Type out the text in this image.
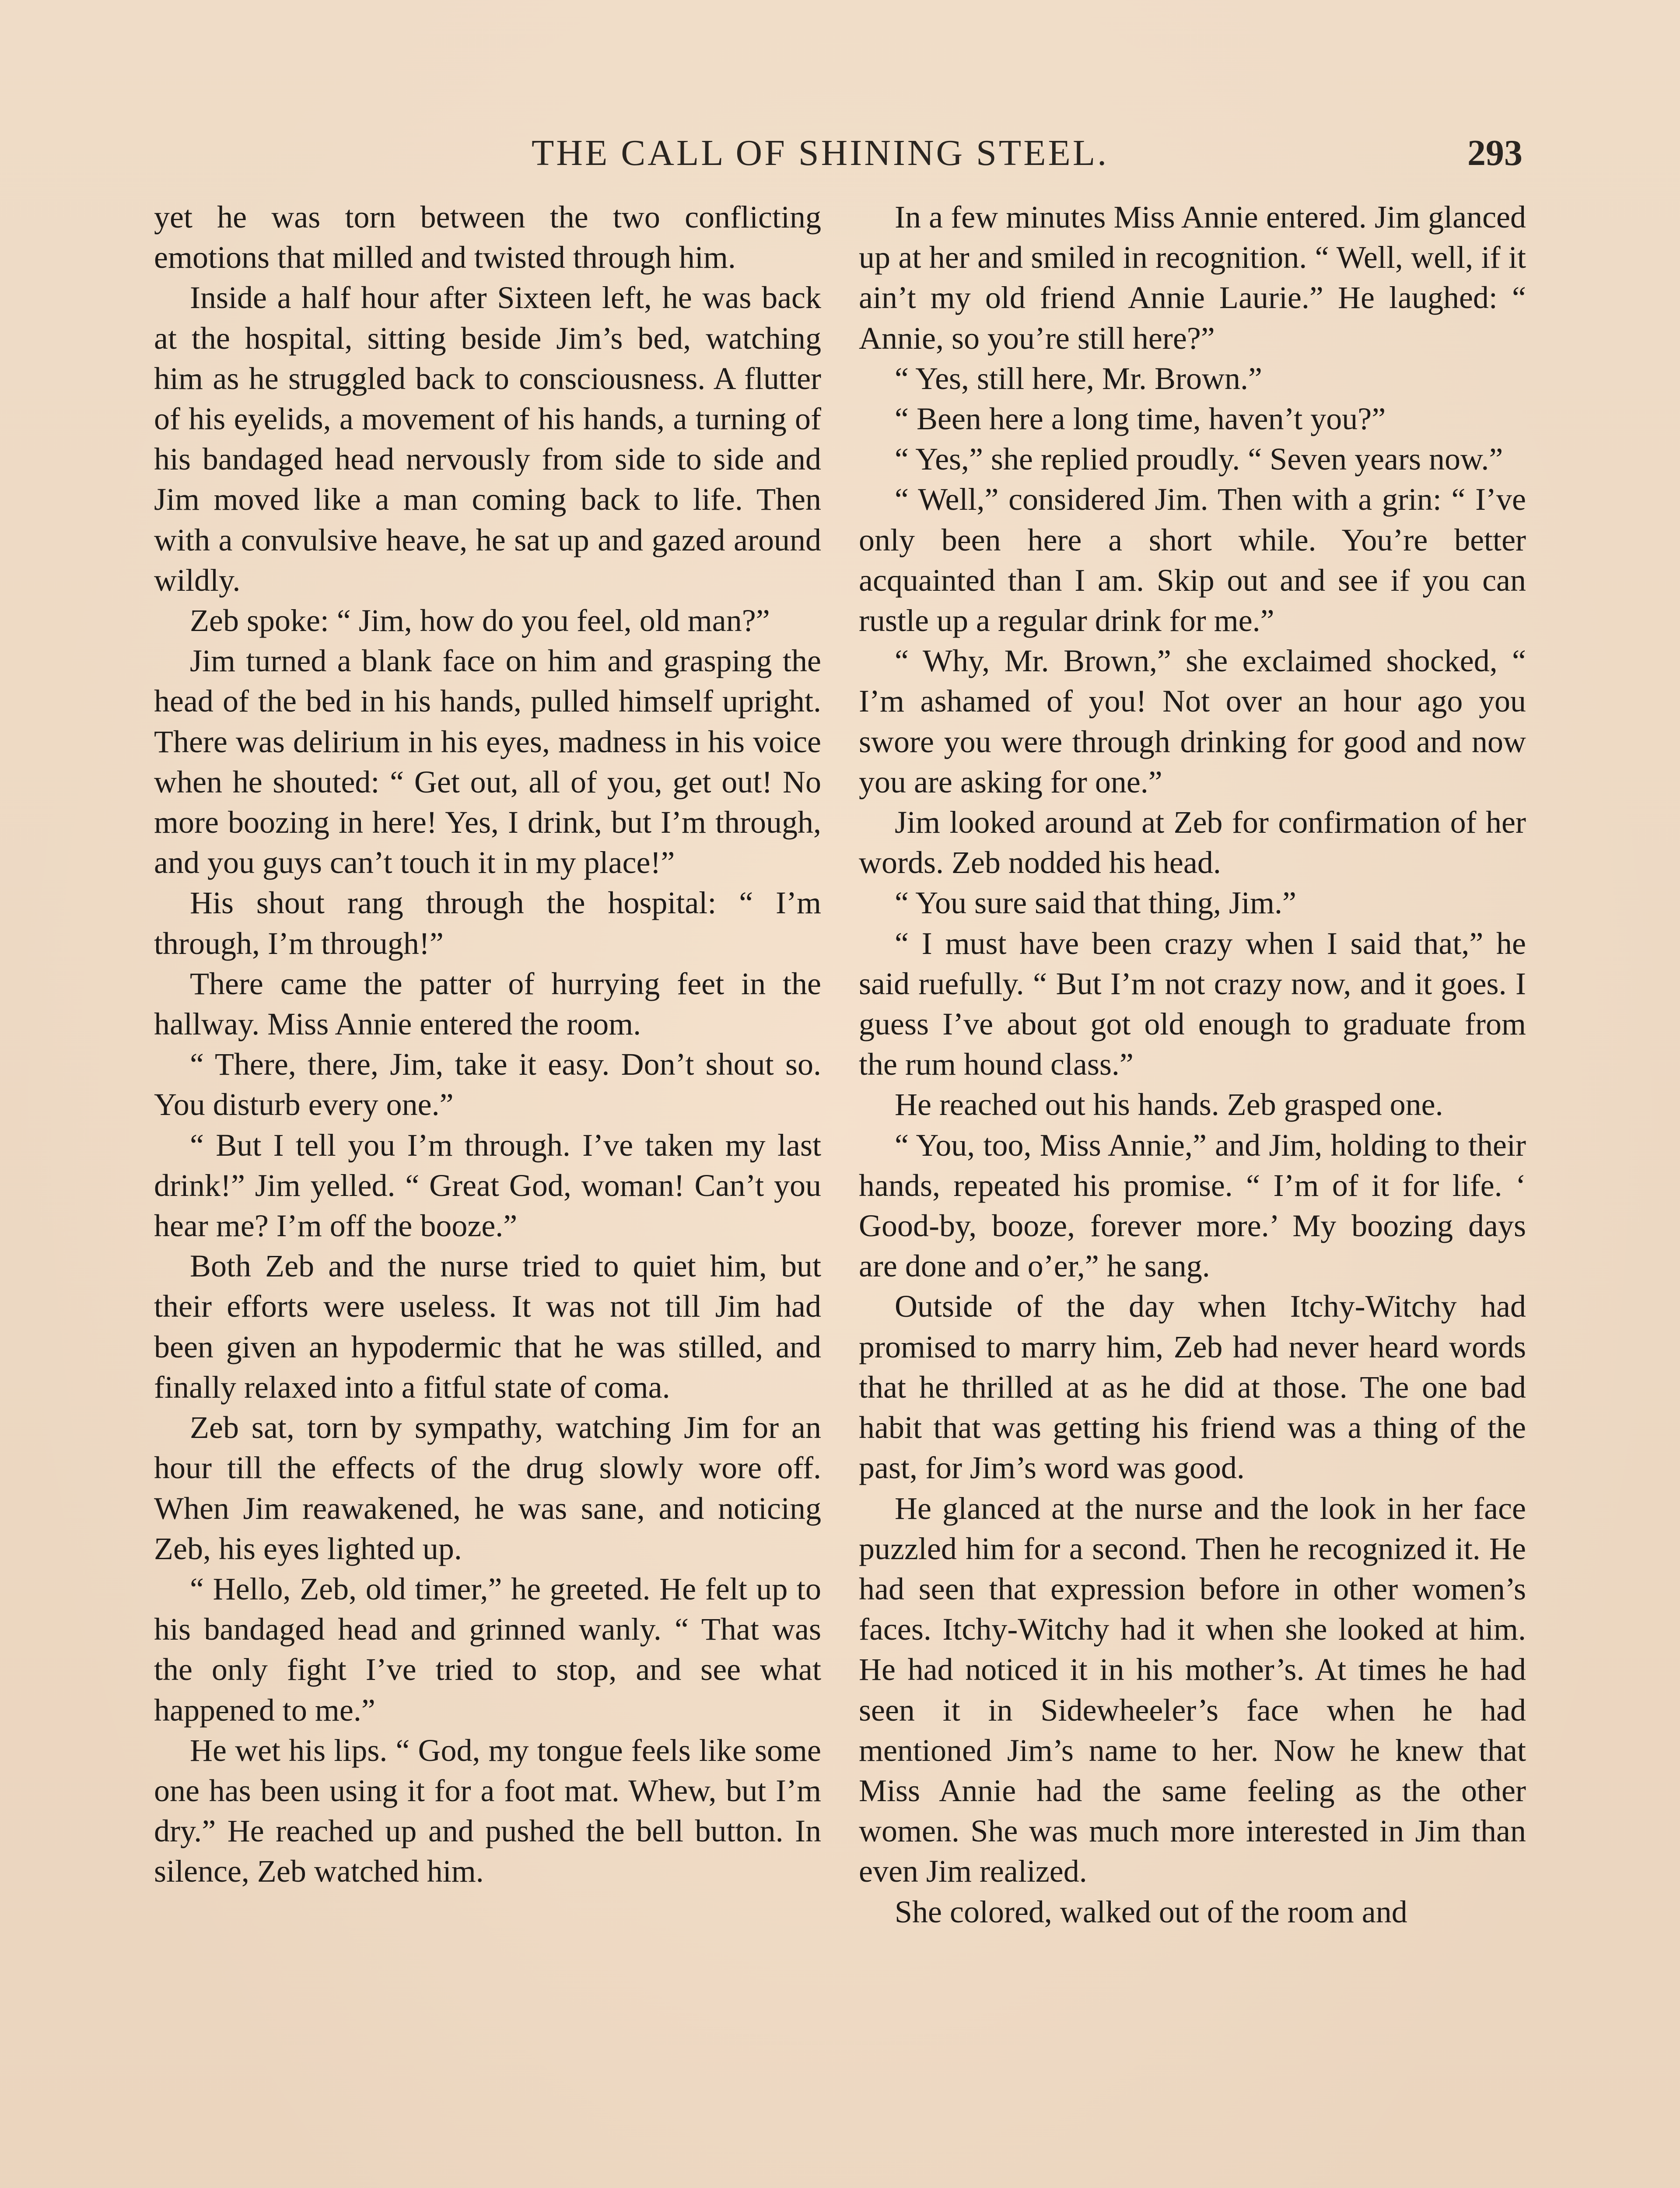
THE CALL OF SHINING STEEL.	293

yet he was torn between the two conflicting emotions that milled and twisted through him.

Inside a half hour after Sixteen left, he was back at the hospital, sitting beside Jim’s bed, watching him as he struggled back to consciousness. A flutter of his eyelids, a movement of his hands, a turning of his bandaged head nervously from side to side and Jim moved like a man coming back to life. Then with a convulsive heave, he sat up and gazed around wildly.

Zeb spoke: “ Jim, how do you feel, old man?”

Jim turned a blank face on him and grasping the head of the bed in his hands, pulled himself upright. There was delirium in his eyes, madness in his voice when he shouted: “ Get out, all of you, get out! No more boozing in here! Yes, I drink, but I’m through, and you guys can’t touch it in my place!”

His shout rang through the hospital: “ I’m through, I’m through!”

There came the patter of hurrying feet in the hallway. Miss Annie entered the room.

“ There, there, Jim, take it easy. Don’t shout so. You disturb every one.”

“ But I tell you I’m through. I’ve taken my last drink!” Jim yelled. “ Great God, woman! Can’t you hear me? I’m off the booze.”

Both Zeb and the nurse tried to quiet him, but their efforts were useless. It was not till Jim had been given an hypodermic that he was stilled, and finally relaxed into a fitful state of coma.

Zeb sat, torn by sympathy, watching Jim for an hour till the effects of the drug slowly wore off. When Jim reawakened, he was sane, and noticing Zeb, his eyes lighted up.

“ Hello, Zeb, old timer,” he greeted. He felt up to his bandaged head and grinned wanly. “ That was the only fight I’ve tried to stop, and see what happened to me.”

He wet his lips. “ God, my tongue feels like some one has been using it for a foot mat. Whew, but I’m dry.” He reached up and pushed the bell button. In silence, Zeb watched him.

In a few minutes Miss Annie entered. Jim glanced up at her and smiled in recognition. “ Well, well, if it ain’t my old friend Annie Laurie.” He laughed: “ Annie, so you’re still here?”

“ Yes, still here, Mr. Brown.”

“ Been here a long time, haven’t you?”

“ Yes,” she replied proudly. “ Seven years now.”

“ Well,” considered Jim. Then with a grin: “ I’ve only been here a short while. You’re better acquainted than I am. Skip out and see if you can rustle up a regular drink for me.”

“ Why, Mr. Brown,” she exclaimed shocked, “ I’m ashamed of you! Not over an hour ago you swore you were through drinking for good and now you are asking for one.”

Jim looked around at Zeb for confirmation of her words. Zeb nodded his head.

“ You sure said that thing, Jim.”

“ I must have been crazy when I said that,” he said ruefully. “ But I’m not crazy now, and it goes. I guess I’ve about got old enough to graduate from the rum hound class.”

He reached out his hands. Zeb grasped one.

“ You, too, Miss Annie,” and Jim, holding to their hands, repeated his promise. “ I’m of it for life. ‘ Good-by, booze, forever more.’ My boozing days are done and o’er,” he sang.

Outside of the day when Itchy-Witchy had promised to marry him, Zeb had never heard words that he thrilled at as he did at those. The one bad habit that was getting his friend was a thing of the past, for Jim’s word was good.

He glanced at the nurse and the look in her face puzzled him for a second. Then he recognized it. He had seen that expression before in other women’s faces. Itchy-Witchy had it when she looked at him. He had noticed it in his mother’s. At times he had seen it in Sidewheeler’s face when he had mentioned Jim’s name to her. Now he knew that Miss Annie had the same feeling as the other women. She was much more interested in Jim than even Jim realized.

She colored, walked out of the room and
